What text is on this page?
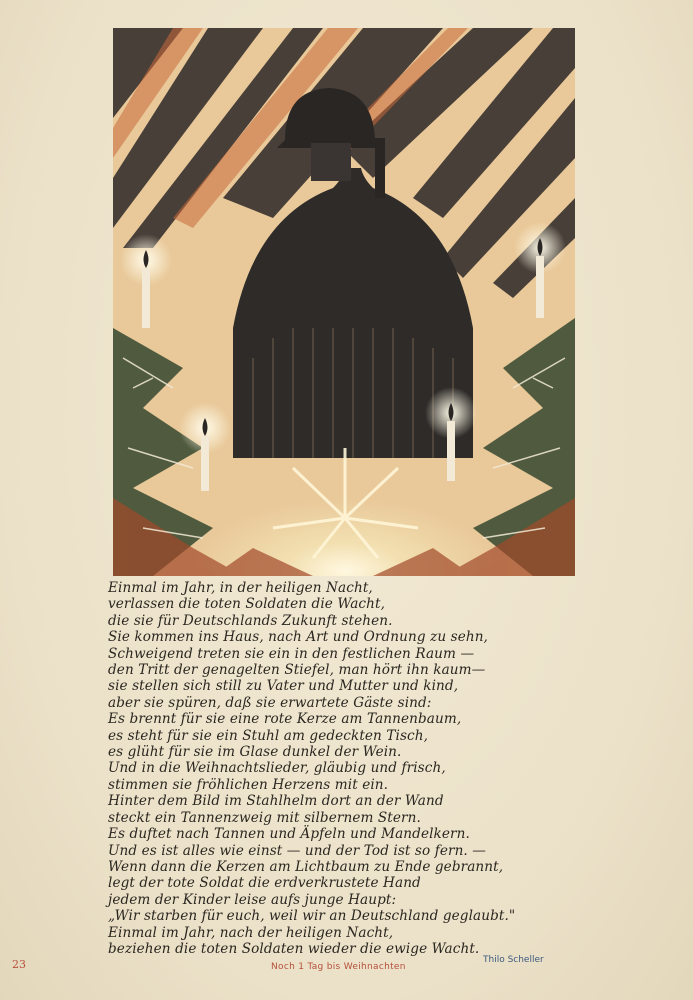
Einmal im Jahr, in der heiligen Nacht,
verlassen die toten Soldaten die Wacht,
die sie für Deutschlands Zukunft stehen.
Sie kommen ins Haus, nach Art und Ordnung zu sehn,
Schweigend treten sie ein in den festlichen Raum —
den Tritt der genagelten Stiefel, man hört ihn kaum—
sie stellen sich still zu Vater und Mutter und kind,
aber sie spüren, daß sie erwartete Gäste sind:
Es brennt für sie eine rote Kerze am Tannenbaum,
es steht für sie ein Stuhl am gedeckten Tisch,
es glüht für sie im Glase dunkel der Wein.
Und in die Weihnachtslieder, gläubig und frisch,
stimmen sie fröhlichen Herzens mit ein.
Hinter dem Bild im Stahlhelm dort an der Wand
steckt ein Tannenzweig mit silbernem Stern.
Es duftet nach Tannen und Äpfeln und Mandelkern.
Und es ist alles wie einst — und der Tod ist so fern. —
Wenn dann die Kerzen am Lichtbaum zu Ende gebrannt,
legt der tote Soldat die erdverkrustete Hand
jedem der Kinder leise aufs junge Haupt:
„Wir starben für euch, weil wir an Deutschland geglaubt."
Einmal im Jahr, nach der heiligen Nacht,
beziehen die toten Soldaten wieder die ewige Wacht.
23	Noch 1 Tag bis Weihnachten
Thilo Scheller
